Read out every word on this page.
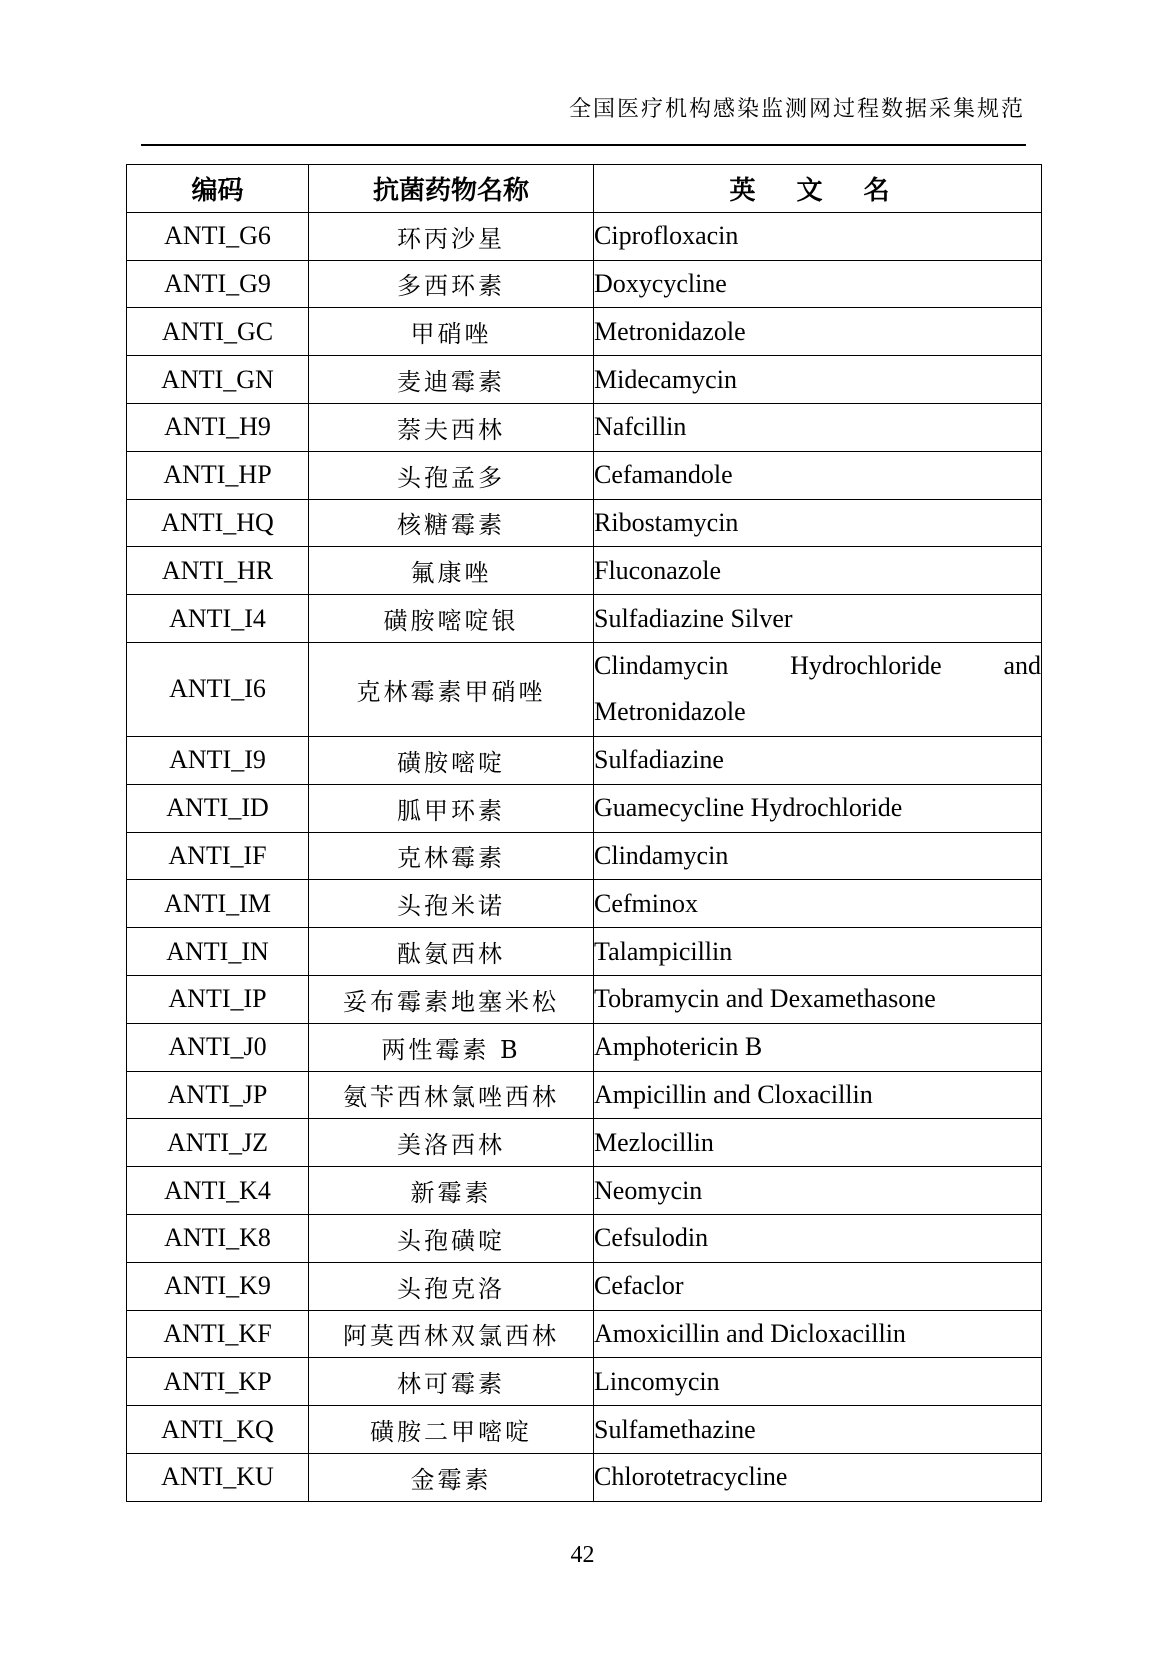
全国医疗机构感染监测网过程数据采集规范
编码	抗菌药物名称	英 文 名
ANTI_G6	环丙沙星	Ciprofloxacin
ANTI_G9	多西环素	Doxycycline
ANTI_GC	甲硝唑	Metronidazole
ANTI_GN	麦迪霉素	Midecamycin
ANTI_H9	萘夫西林	Nafcillin
ANTI_HP	头孢孟多	Cefamandole
ANTI_HQ	核糖霉素	Ribostamycin
ANTI_HR	氟康唑	Fluconazole
ANTI_I4	磺胺嘧啶银	Sulfadiazine Silver
ANTI_I6	克林霉素甲硝唑	Clindamycin Hydrochloride and Metronidazole
ANTI_I9	磺胺嘧啶	Sulfadiazine
ANTI_ID	胍甲环素	Guamecycline Hydrochloride
ANTI_IF	克林霉素	Clindamycin
ANTI_IM	头孢米诺	Cefminox
ANTI_IN	酞氨西林	Talampicillin
ANTI_IP	妥布霉素地塞米松	Tobramycin and Dexamethasone
ANTI_J0	两性霉素 B	Amphotericin B
ANTI_JP	氨苄西林氯唑西林	Ampicillin and Cloxacillin
ANTI_JZ	美洛西林	Mezlocillin
ANTI_K4	新霉素	Neomycin
ANTI_K8	头孢磺啶	Cefsulodin
ANTI_K9	头孢克洛	Cefaclor
ANTI_KF	阿莫西林双氯西林	Amoxicillin and Dicloxacillin
ANTI_KP	林可霉素	Lincomycin
ANTI_KQ	磺胺二甲嘧啶	Sulfamethazine
ANTI_KU	金霉素	Chlorotetracycline
42
